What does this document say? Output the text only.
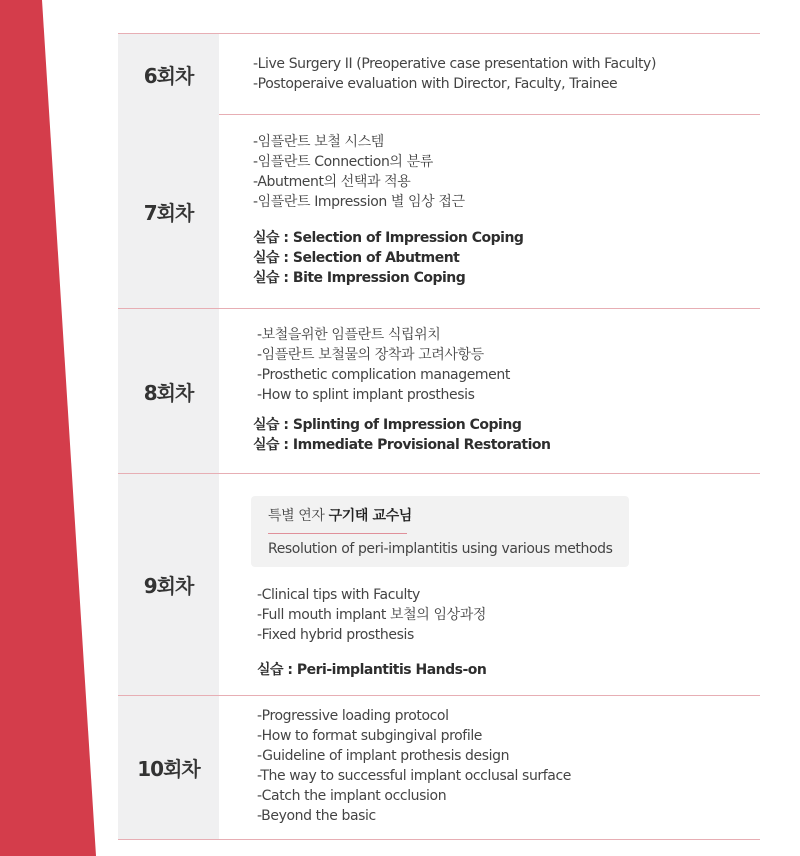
6회차	-Live Surgery II (Preoperative case presentation with Faculty)
-Postoperaive evaluation with Director, Faculty, Trainee
7회차
-임플란트 보철 시스템
-임플란트 Connection의 분류
-Abutment의 선택과 적용
-임플란트 Impression 별 임상 접근
실습 : Selection of Impression Coping
실습 : Selection of Abutment
실습 : Bite Impression Coping
8회차
-보철을위한 임플란트 식립위치
-임플란트 보철물의 장착과 고려사항등
-Prosthetic complication management
-How to splint implant prosthesis
실습 : Splinting of Impression Coping
실습 : Immediate Provisional Restoration
9회차
특별 연자 구기태 교수님
Resolution of peri-implantitis using various methods
-Clinical tips with Faculty
-Full mouth implant 보철의 임상과정
-Fixed hybrid prosthesis
실습 : Peri-implantitis Hands-on
10회차
-Progressive loading protocol
-How to format subgingival profile
-Guideline of implant prothesis design
-The way to successful implant occlusal surface
-Catch the implant occlusion
-Beyond the basic
